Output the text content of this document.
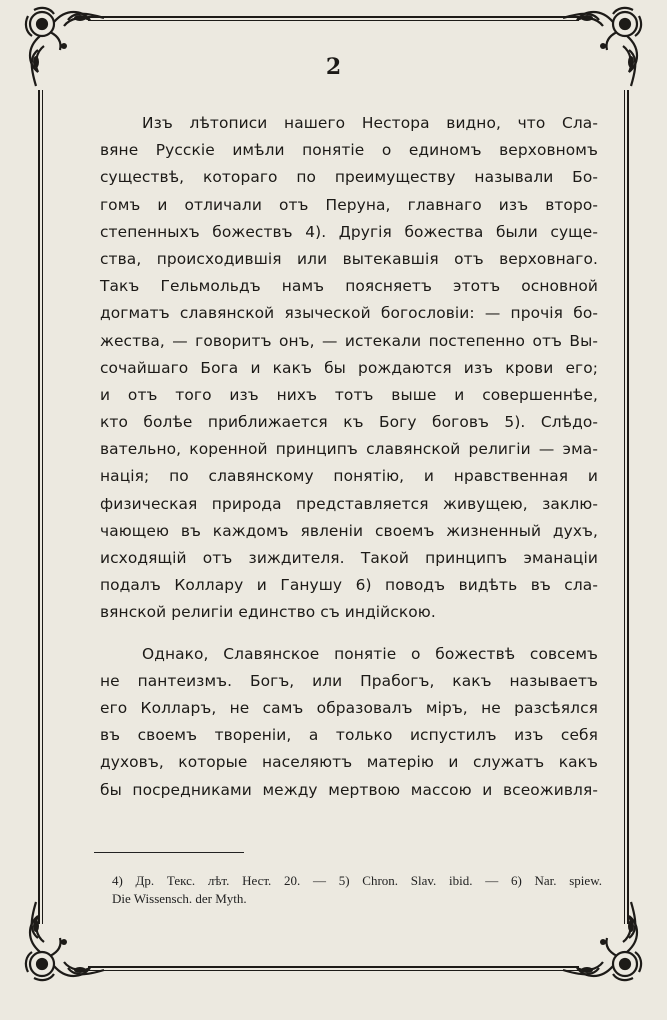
2
Изъ лѣтописи нашего Нестора видно, что Сла-
вяне Русскіе имѣли понятіе о единомъ верховномъ
существѣ, котораго по преимуществу называли Бо-
гомъ и отличали отъ Перуна, главнаго изъ второ-
степенныхъ божествъ 4). Другія божества были суще-
ства, происходившія или вытекавшія отъ верховнаго.
Такъ Гельмольдъ намъ поясняетъ этотъ основной
догматъ славянской языческой богословіи: — прочія бо-
жества, — говоритъ онъ, — истекали постепенно отъ Вы-
сочайшаго Бога и какъ бы рождаются изъ крови его;
и отъ того изъ нихъ тотъ выше и совершеннѣе,
кто болѣе приближается къ Богу боговъ 5). Слѣдо-
вательно, коренной принципъ славянской религіи — эма-
нація; по славянскому понятію, и нравственная и
физическая природа представляется живущею, заклю-
чающею въ каждомъ явленіи своемъ жизненный духъ,
исходящій отъ зиждителя. Такой принципъ эманаціи
подалъ Коллару и Ганушу 6) поводъ видѣть въ сла-
вянской религіи единство съ индійскою.
Однако, Славянское понятіе о божествѣ совсемъ
не пантеизмъ. Богъ, или Прабогъ, какъ называетъ
его Колларъ, не самъ образовалъ міръ, не разсѣялся
въ своемъ твореніи, а только испустилъ изъ себя
духовъ, которые населяютъ матерію и служатъ какъ
бы посредниками между мертвою массою и всеоживля-
4) Др. Текс. лѣт. Нест. 20. — 5) Chron. Slav. ibid. — 6) Nar. spiew.
Die Wissensch. der Myth.
